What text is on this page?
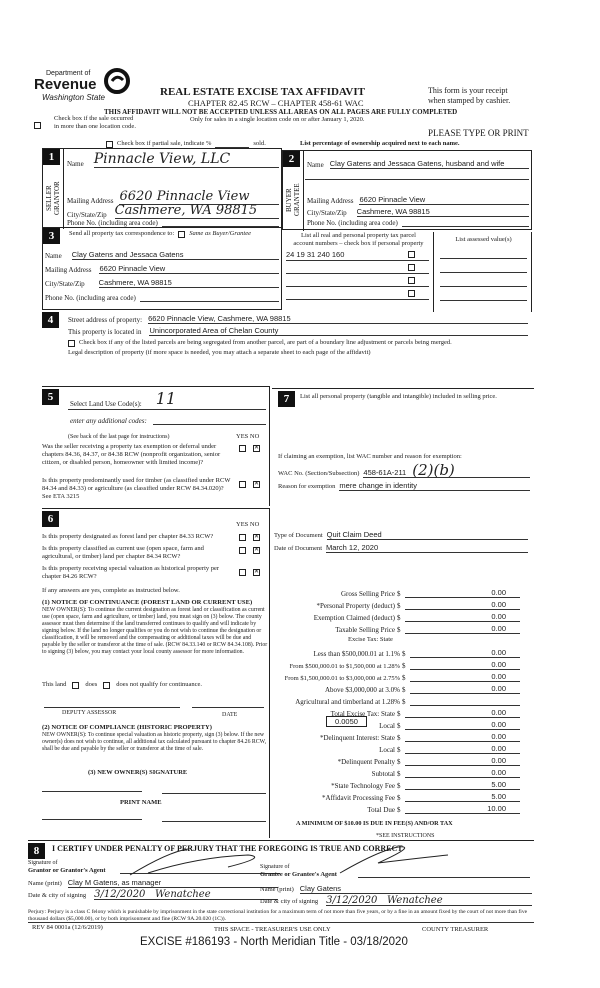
Department of
Revenue
Washington State	REAL ESTATE EXCISE TAX AFFIDAVIT
CHAPTER 82.45 RCW – CHAPTER 458-61 WAC
This form is your receipt
when stamped by cashier.
THIS AFFIDAVIT WILL NOT BE ACCEPTED UNLESS ALL AREAS ON ALL PAGES ARE FULLY COMPLETED
Check box if the sale occurred
in more than one location code.
Only for sales in a single location code on or after January 1, 2020.
PLEASE TYPE OR PRINT
Check box if partial sale, indicate %	sold.	List percentage of ownership acquired next to each name.
1
SELLER
GRANTOR
Name Pinnacle View, LLC
Mailing Address 6620 Pinnacle View
City/State/Zip Cashmere, WA 98815
Phone No. (including area code)
2
BUYER
GRANTEE
Name Clay Gatens and Jessaca Gatens, husband and wife
Mailing Address 6620 Pinnacle View
City/State/Zip Cashmere, WA 98815
Phone No. (including area code)
3	Send all property tax correspondence to: Same as Buyer/Grantee
Name Clay Gatens and Jessaca Gatens
Mailing Address 6620 Pinnacle View
City/State/Zip Cashmere, WA 98815
Phone No. (including area code)
List all real and personal property tax parcel
account numbers – check box if personal property
24 19 31 240 160
List assessed value(s)
4	Street address of property: 6620 Pinnacle View, Cashmere, WA 98815
This property is located in Unincorporated Area of Chelan County
Check box if any of the listed parcels are being segregated from another parcel, are part of a boundary line adjustment or parcels being merged.
Legal description of property (if more space is needed, you may attach a separate sheet to each page of the affidavit)
5
Select Land Use Code(s): 11
enter any additional codes:
(See back of the last page for instructions)	YES NO
Was the seller receiving a property tax exemption or deferral under chapters 84.36, 84.37, or 84.38 RCW (nonprofit organization, senior citizen, or disabled person, homeowner with limited income)?
✕
Is this property predominantly used for timber (as classified under RCW 84.34 and 84.33) or agriculture (as classified under RCW 84.34.020)? See ETA 3215
✕
7	List all personal property (tangible and intangible) included in selling price.
If claiming an exemption, list WAC number and reason for exemption:
WAC No. (Section/Subsection) 458-61A-211 (2)(b)
Reason for exemption mere change in identity
6	YES NO
Is this property designated as forest land per chapter 84.33 RCW?
✕
Is this property classified as current use (open space, farm and agricultural, or timber) land per chapter 84.34 RCW?
✕
Is this property receiving special valuation as historical property per chapter 84.26 RCW?
✕
If any answers are yes, complete as instructed below.
(1) NOTICE OF CONTINUANCE (FOREST LAND OR CURRENT USE)
NEW OWNER(S): To continue the current designation as forest land or classification as current use (open space, farm and agriculture, or timber) land, you must sign on (3) below. The county assessor must then determine if the land transferred continues to qualify and will indicate by signing below. If the land no longer qualifies or you do not wish to continue the designation or classification, it will be removed and the compensating or additional taxes will be due and payable by the seller or transferor at the time of sale. (RCW 84.33.140 or RCW 84.34.108). Prior to signing (3) below, you may contact your local county assessor for more information.
This land	does	does not qualify for continuance.
DEPUTY ASSESSOR	DATE
(2) NOTICE OF COMPLIANCE (HISTORIC PROPERTY)
NEW OWNER(S): To continue special valuation as historic property, sign (3) below. If the new owner(s) does not wish to continue, all additional tax calculated pursuant to chapter 84.26 RCW, shall be due and payable by the seller or transferor at the time of sale.
(3) NEW OWNER(S) SIGNATURE
PRINT NAME
Type of Document Quit Claim Deed
Date of Document March 12, 2020
Gross Selling Price $	0.00
*Personal Property (deduct) $	0.00
Exemption Claimed (deduct) $	0.00
Taxable Selling Price $	0.00
Excise Tax: State
Less than $500,000.01 at 1.1% $	0.00
From $500,000.01 to $1,500,000 at 1.28% $	0.00
From $1,500,000.01 to $3,000,000 at 2.75% $	0.00
Above $3,000,000 at 3.0% $	0.00
Agricultural and timberland at 1.28% $
Total Excise Tax: State $	0.00
0.0050	Local $	0.00
*Delinquent Interest: State $	0.00
Local $	0.00
*Delinquent Penalty $	0.00
Subtotal $	0.00
*State Technology Fee $	5.00
*Affidavit Processing Fee $	5.00
Total Due $	10.00
A MINIMUM OF $10.00 IS DUE IN FEE(S) AND/OR TAX
*SEE INSTRUCTIONS
8	I CERTIFY UNDER PENALTY OF PERJURY THAT THE FOREGOING IS TRUE AND CORRECT
Signature of
Grantor or Grantor's Agent
Name (print) Clay M Gatens, as manager
Date & city of signing 3/12/2020   Wenatchee
Signature of
Grantee or Grantee's Agent
Name (print) Clay Gatens
Date & city of signing 3/12/2020   Wenatchee
Perjury: Perjury is a class C felony which is punishable by imprisonment in the state correctional institution for a maximum term of not more than five years, or by a fine in an amount fixed by the court of not more than five thousand dollars ($5,000.00), or by both imprisonment and fine (RCW 9A.20.020 (1C)).
REV 84 0001a (12/6/2019)	THIS SPACE - TREASURER'S USE ONLY	COUNTY TREASURER
EXCISE #186193 - North Meridian Title - 03/18/2020
